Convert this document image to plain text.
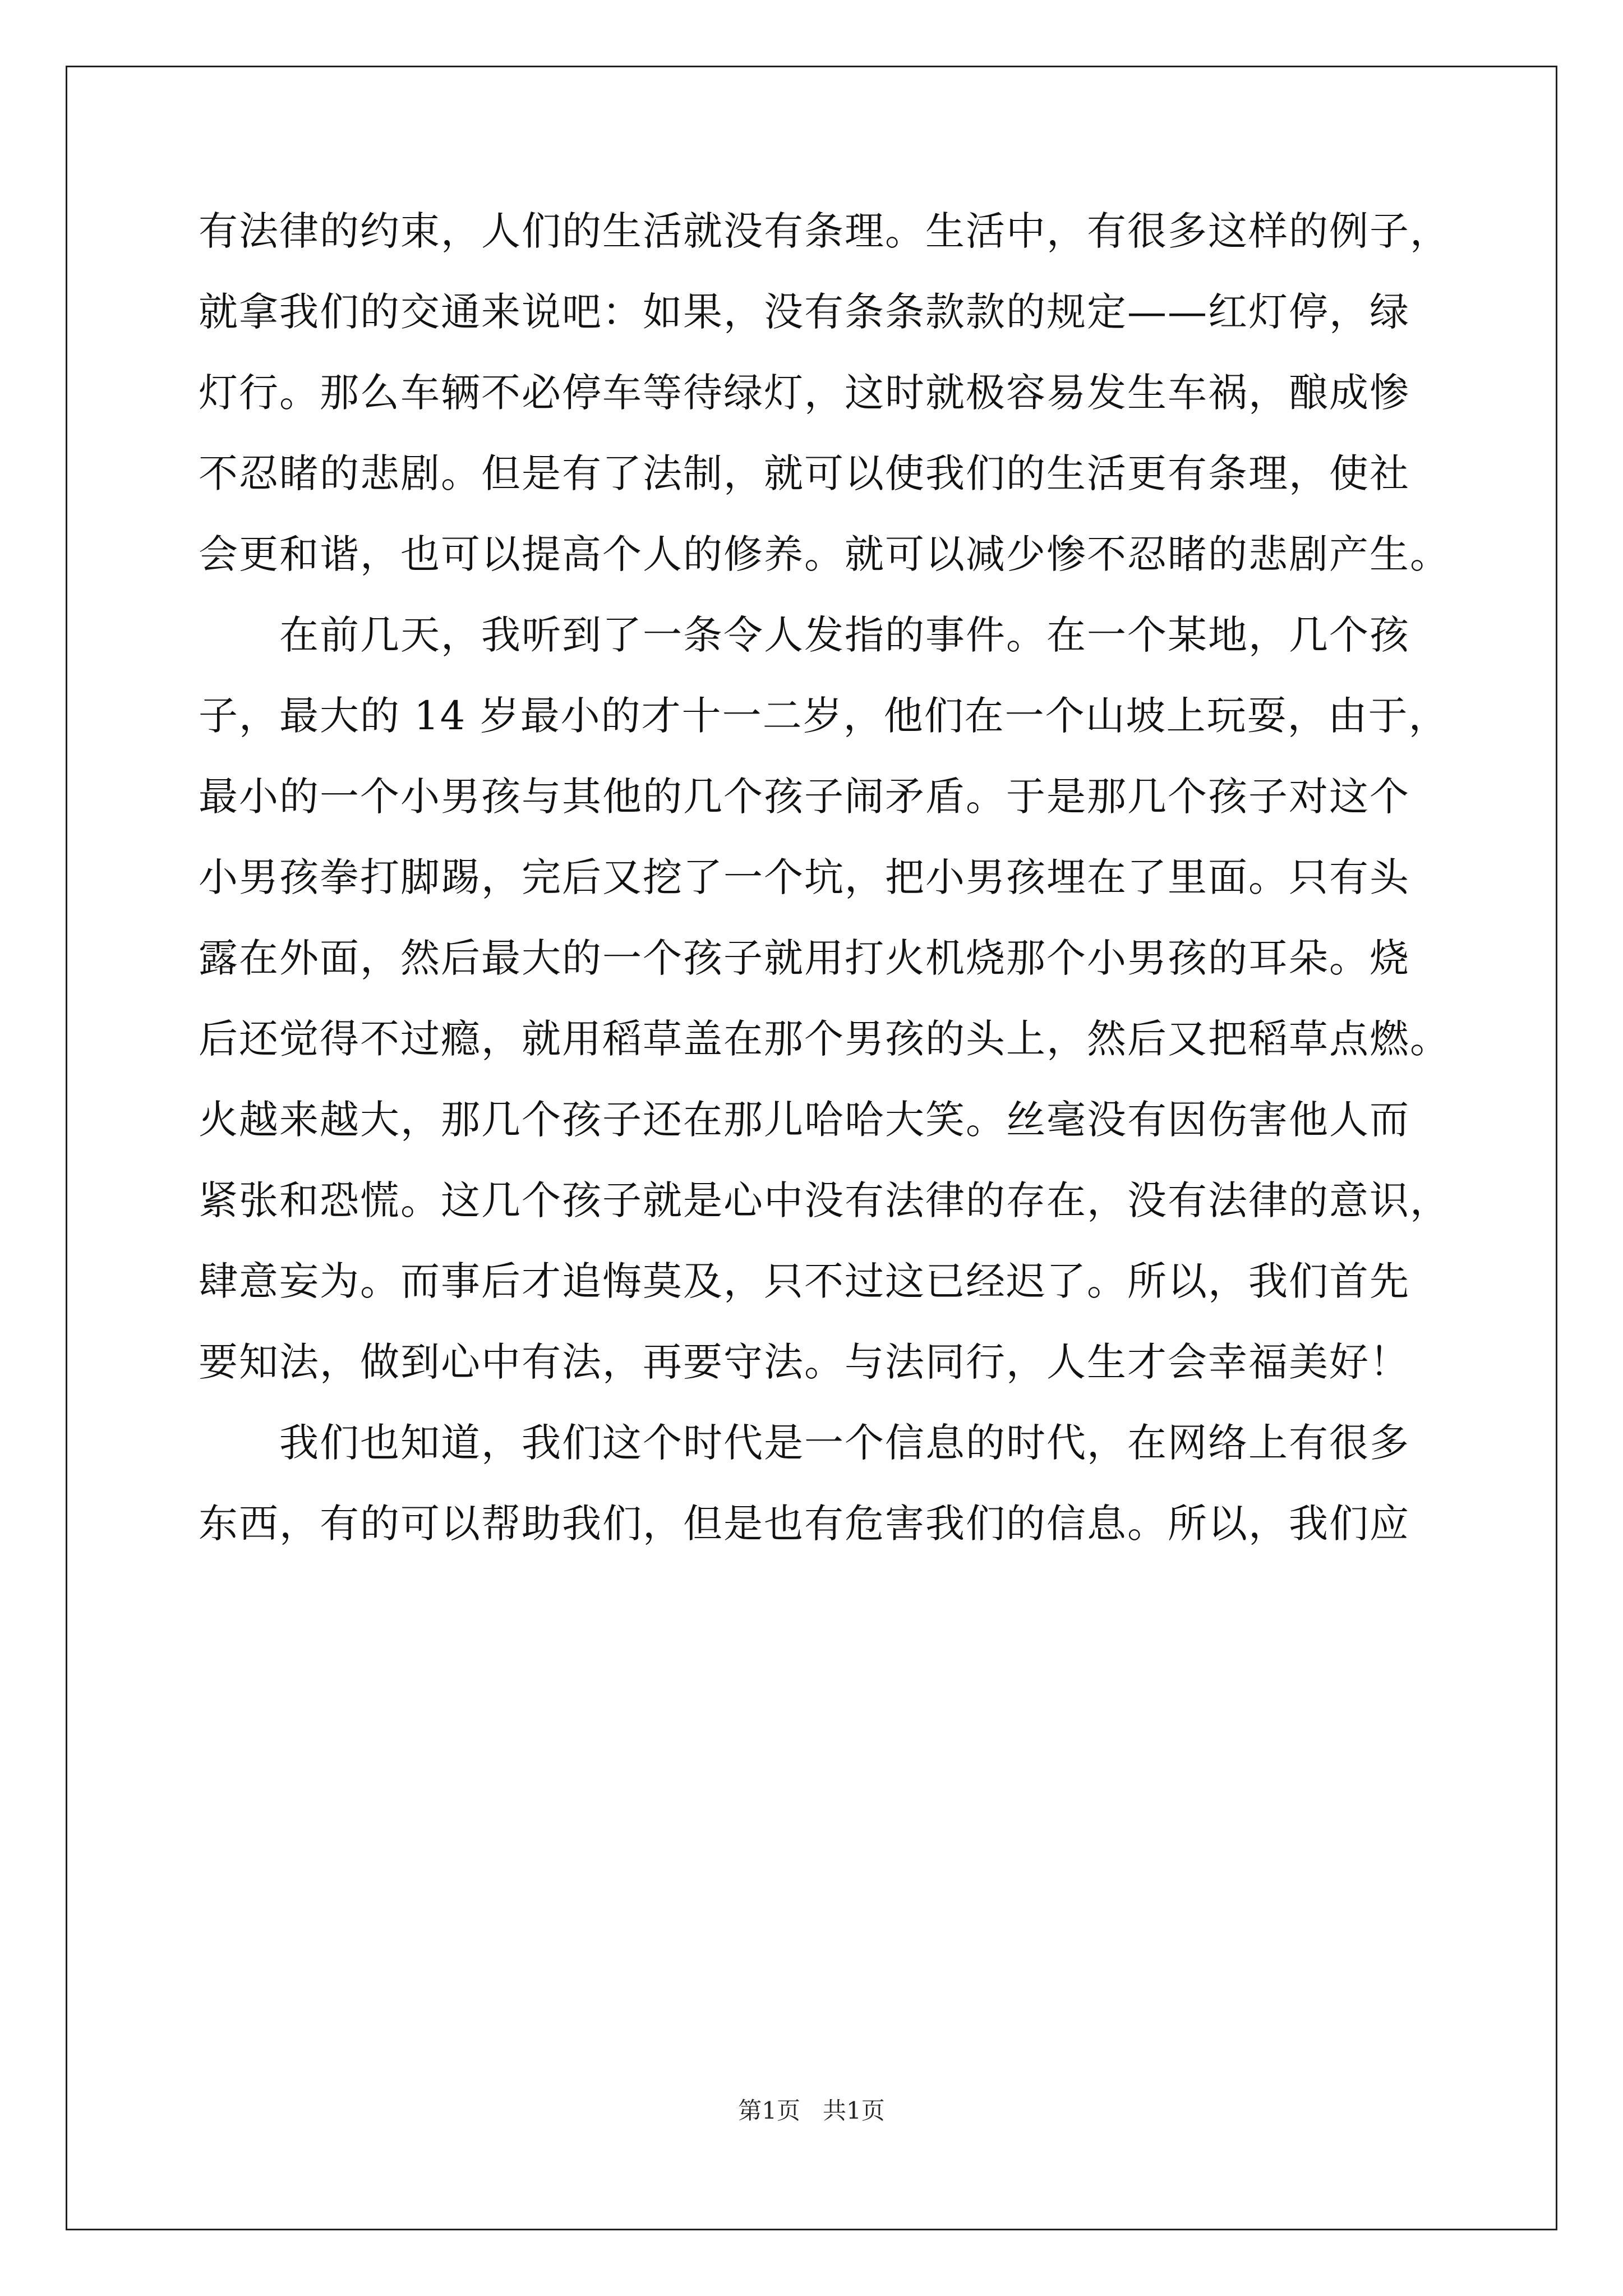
有法律的约束，人们的生活就没有条理。生活中，有很多这样的例子，
就拿我们的交通来说吧：如果，没有条条款款的规定——红灯停，绿
灯行。那么车辆不必停车等待绿灯，这时就极容易发生车祸，酿成惨
不忍睹的悲剧。但是有了法制，就可以使我们的生活更有条理，使社
会更和谐，也可以提高个人的修养。就可以减少惨不忍睹的悲剧产生。
在前几天，我听到了一条令人发指的事件。在一个某地，几个孩
子，最大的 14 岁最小的才十一二岁，他们在一个山坡上玩耍，由于，
最小的一个小男孩与其他的几个孩子闹矛盾。于是那几个孩子对这个
小男孩拳打脚踢，完后又挖了一个坑，把小男孩埋在了里面。只有头
露在外面，然后最大的一个孩子就用打火机烧那个小男孩的耳朵。烧
后还觉得不过瘾，就用稻草盖在那个男孩的头上，然后又把稻草点燃。
火越来越大，那几个孩子还在那儿哈哈大笑。丝毫没有因伤害他人而
紧张和恐慌。这几个孩子就是心中没有法律的存在，没有法律的意识，
肆意妄为。而事后才追悔莫及，只不过这已经迟了。所以，我们首先
要知法，做到心中有法，再要守法。与法同行，人生才会幸福美好！
我们也知道，我们这个时代是一个信息的时代，在网络上有很多
东西，有的可以帮助我们，但是也有危害我们的信息。所以，我们应
第1页   共1页
